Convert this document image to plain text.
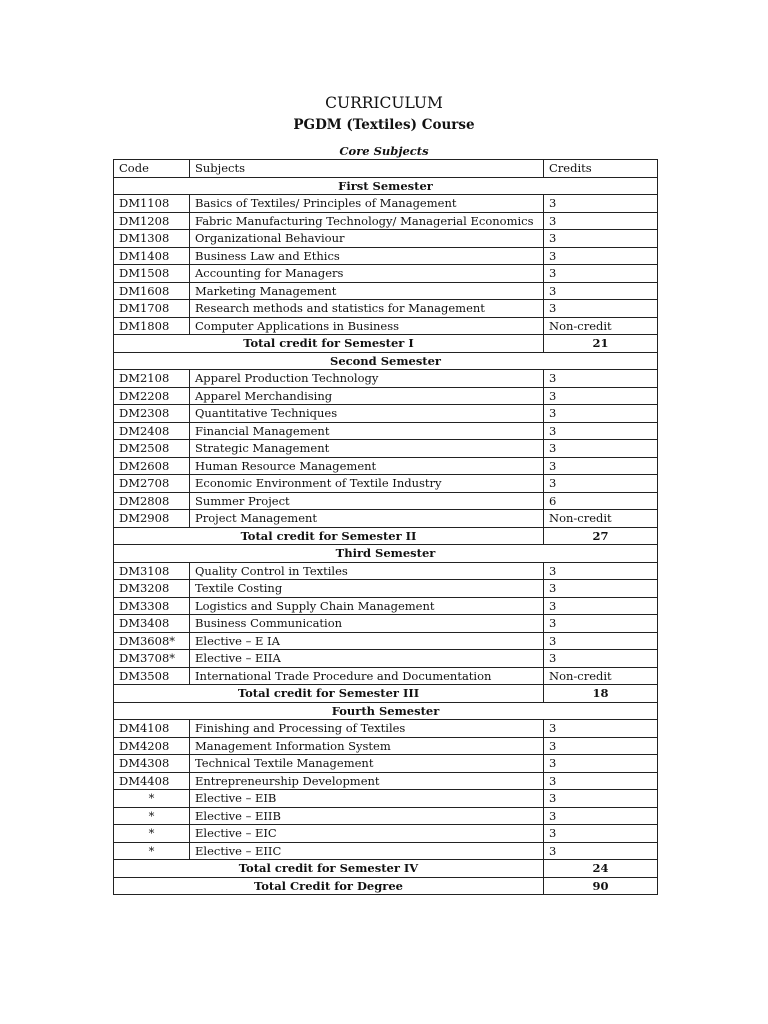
CURRICULUM
PGDM (Textiles) Course
Core Subjects
Code	Subjects	Credits
First Semester		
DM1108	Basics of Textiles/ Principles of Management	3
DM1208	Fabric Manufacturing Technology/ Managerial Economics	3
DM1308	Organizational Behaviour	3
DM1408	Business Law and Ethics	3
DM1508	Accounting for Managers	3
DM1608	Marketing Management	3
DM1708	Research methods and statistics for Management	3
DM1808	Computer Applications in Business	Non-credit
Total credit for Semester I		21
Second Semester		
DM2108	Apparel Production Technology	3
DM2208	Apparel Merchandising	3
DM2308	Quantitative Techniques	3
DM2408	Financial Management	3
DM2508	Strategic Management	3
DM2608	Human Resource Management	3
DM2708	Economic Environment of Textile Industry	3
DM2808	Summer Project	6
DM2908	Project Management	Non-credit
Total credit for Semester II		27
Third Semester		
DM3108	Quality Control in Textiles	3
DM3208	Textile Costing	3
DM3308	Logistics and Supply Chain Management	3
DM3408	Business Communication	3
DM3608*	Elective – E IA	3
DM3708*	Elective – EIIA	3
DM3508	International Trade Procedure and Documentation	Non-credit
Total credit for Semester III		18
Fourth Semester		
DM4108	Finishing and Processing of Textiles	3
DM4208	Management Information System	3
DM4308	Technical Textile Management	3
DM4408	Entrepreneurship Development	3
*	Elective – EIB	3
*	Elective – EIIB	3
*	Elective – EIC	3
*	Elective – EIIC	3
Total credit for Semester IV		24
Total Credit for Degree		90
